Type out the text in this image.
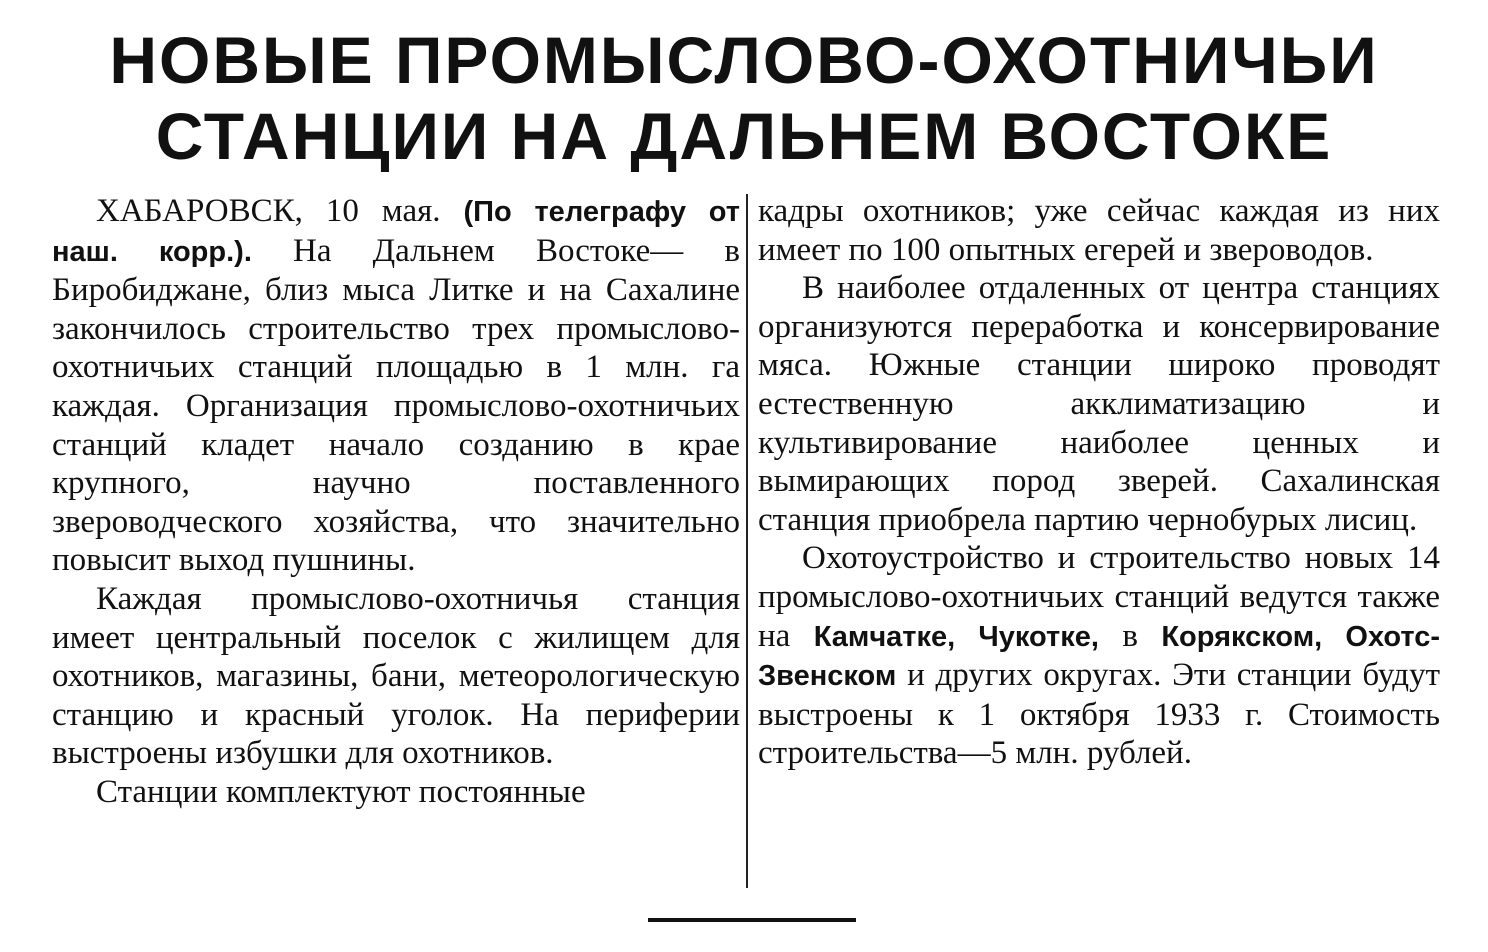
НОВЫЕ ПРОМЫСЛОВО-ОХОТНИЧЬИ
СТАНЦИИ НА ДАЛЬНЕМ ВОСТОКЕ

ХАБАРОВСК, 10 мая. (По телеграфу от наш. корр.). На Дальнем Востоке— в Биробиджане, близ мыса Литке и на Сахалине закончилось строительство трех промыслово-охотничьих станций площадью в 1 млн. га каждая. Организация промыслово-охотничьих станций кладет начало созданию в крае крупного, научно поставленного звероводческого хозяйства, что значительно повысит выход пушнины.

Каждая промыслово-охотничья станция имеет центральный поселок с жилищем для охотников, магазины, бани, метеорологическую станцию и красный уголок. На периферии выстроены избушки для охотников.

Станции комплектуют постоянные

кадры охотников; уже сейчас каждая из них имеет по 100 опытных егерей и звероводов.

В наиболее отдаленных от центра станциях организуются переработка и консервирование мяса. Южные станции широко проводят естественную акклиматизацию и культивирование наиболее ценных и вымирающих пород зверей. Сахалинская станция приобрела партию чернобурых лисиц.

Охотоустройство и строительство новых 14 промыслово-охотничьих станций ведутся также на Камчатке, Чукотке, в Корякском, Охотс-Звенском и других округах. Эти станции будут выстроены к 1 октября 1933 г. Стоимость строительства—5 млн. рублей.
